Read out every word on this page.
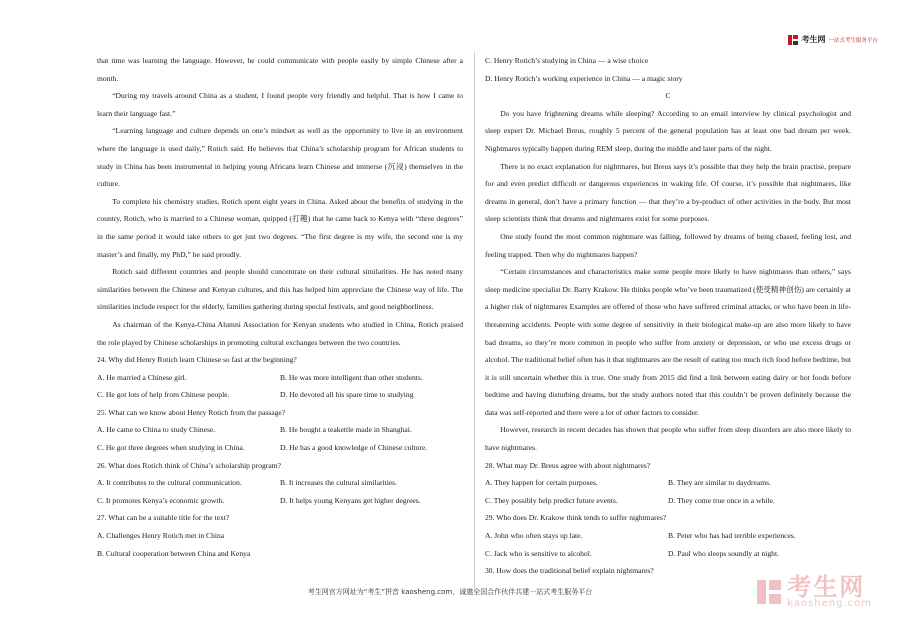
考生网 一站式考生服务平台

that time was learning the language. However, he could communicate with people easily by simple Chinese after a month.

“During my travels around China as a student, I found people very friendly and helpful. That is how I came to learn their language fast.”

“Learning language and culture depends on one’s mindset as well as the opportunity to live in an environment where the language is used daily,” Rotich said. He believes that China’s scholarship program for African students to study in China has been instrumental in helping young Africans learn Chinese and immerse (沉浸) themselves in the culture.

To complete his chemistry studies, Rotich spent eight years in China. Asked about the benefits of studying in the country, Rotich, who is married to a Chinese woman, quipped (打趣) that he came back to Kenya with “three degrees” in the same period it would take others to get just two degrees. “The first degree is my wife, the second one is my master’s and finally, my PhD,” he said proudly.

Rotich said different countries and people should concentrate on their cultural similarities. He has noted many similarities between the Chinese and Kenyan cultures, and this has helped him appreciate the Chinese way of life. The similarities include respect for the elderly, families gathering during special festivals, and good neighborliness.

As chairman of the Kenya-China Alumni Association for Kenyan students who studied in China, Rotich praised the role played by Chinese scholarships in promoting cultural exchanges between the two countries.

24. Why did Henry Rotich learn Chinese so fast at the beginning?

A. He married a Chinese girl.	B. He was more intelligent than other students.
C. He got lots of help from Chinese people.	D. He devoted all his spare time to studying

25. What can we know about Henry Rotich from the passage?

A. He came to China to study Chinese.	B. He bought a teakettle made in Shanghai.
C. He got three degrees when studying in China.	D. He has a good knowledge of Chinese culture.

26. What does Rotich think of China’s scholarship program?

A. It contributes to the cultural communication.	B. It increases the cultural similarities.
C. It promotes Kenya’s economic growth.	D. It helps young Kenyans get higher degrees.

27. What can be a suitable title for the text?

A. Challenges Henry Rotich met in China

B. Cultural cooperation between China and Kenya

C. Henry Rotich’s studying in China — a wise choice

D. Henry Rotich’s working experience in China — a magic story

C

Do you have frightening dreams while sleeping? According to an email interview by clinical psychologist and sleep expert Dr. Michael Breus, roughly 5 percent of the general population has at least one bad dream per week. Nightmares typically happen during REM sleep, during the middle and later parts of the night.

There is no exact explanation for nightmares, but Breus says it’s possible that they help the brain practise, prepare for and even predict difficult or dangerous experiences in waking life. Of course, it’s possible that nightmares, like dreams in general, don’t have a primary function — that they’re a by-product of other activities in the body. But most sleep scientists think that dreams and nightmares exist for some purposes.

One study found the most common nightmare was falling, followed by dreams of being chased, feeling lost, and feeling trapped. Then why do nightmares happen?

“Certain circumstances and characteristics make some people more likely to have nightmares than others,” says sleep medicine specialist Dr. Barry Krakow. He thinks people who’ve been traumatized (使受精神创伤) are certainly at a higher risk of nightmares Examples are offered of those who have suffered criminal attacks, or who have been in life-threatening accidents. People with some degree of sensitivity in their biological make-up are also more likely to have bad dreams, so they’re more common in people who suffer from anxiety or depression, or who use excess drugs or alcohol. The traditional belief often has it that nightmares are the result of eating too much rich food before bedtime, but it is still uncertain whether this is true. One study from 2015 did find a link between eating dairy or hot foods before bedtime and having disturbing dreams, but the study authors noted that this couldn’t be proven definitely because the data was self-reported and there were a lot of other factors to consider.

However, research in recent decades has shown that people who suffer from sleep disorders are also more likely to have nightmares.

28. What may Dr. Breus agree with about nightmares?

A. They happen for certain purposes.	B. They are similar to daydreams.
C. They possibly help predict future events.	D. They come true once in a while.

29. Who does Dr. Krakow think tends to suffer nightmares?

A. John who often stays up late.	B. Peter who has had terrible experiences.
C. Jack who is sensitive to alcohol.	D. Paul who sleeps soundly at night.

30. How does the traditional belief explain nightmares?

考生网
kaosheng.com
考生网官方网址为“考生”拼音 kaosheng.com，诚邀全国合作伙伴共建一站式考生服务平台
